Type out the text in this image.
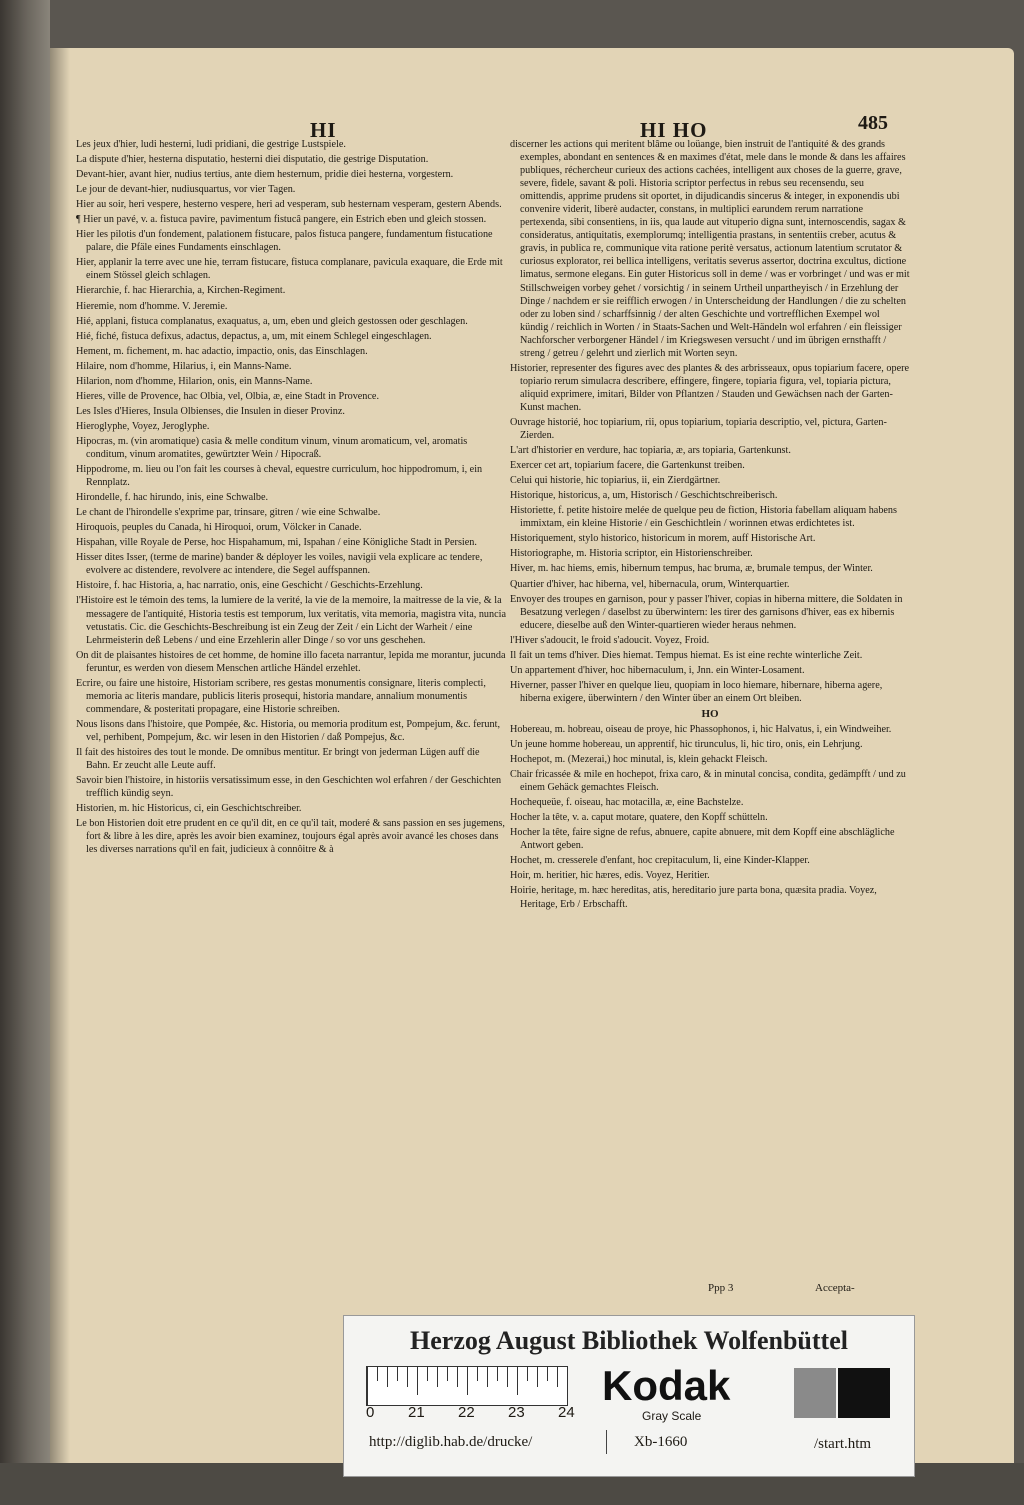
HI	HI HO	485
Les jeux d'hier, ludi hesterni, ludi pridiani, die gestrige Lustspiele.
La dispute d'hier, hesterna disputatio, hesterni diei disputatio, die gestrige Disputation.
Devant-hier, avant hier, nudius tertius, ante diem hesternum, pridie diei hesterna, vorgestern.
Le jour de devant-hier, nudiusquartus, vor vier Tagen.
Hier au soir, heri vespere, hesterno vespere, heri ad vesperam, sub hesternam vesperam, gestern Abends.
¶ Hier un pavé, v. a. fistuca pavire, pavimentum fistucâ pangere, ein Estrich eben und gleich stossen.
Hier les pilotis d'un fondement, palationem fistucare, palos fistuca pangere, fundamentum fistucatione palare, die Pfäle eines Fundaments einschlagen.
Hier, applanir la terre avec une hie, terram fistucare, fistuca complanare, pavicula exaquare, die Erde mit einem Stössel gleich schlagen.
Hierarchie, f. hac Hierarchia, a, Kirchen-Regiment.
Hieremie, nom d'homme. V. Jeremie.
Hié, applani, fistuca complanatus, exaquatus, a, um, eben und gleich gestossen oder geschlagen.
Hié, fiché, fistuca defixus, adactus, depactus, a, um, mit einem Schlegel eingeschlagen.
Hement, m. fichement, m. hac adactio, impactio, onis, das Einschlagen.
Hilaire, nom d'homme, Hilarius, i, ein Manns-Name.
Hilarion, nom d'homme, Hilarion, onis, ein Manns-Name.
Hieres, ville de Provence, hac Olbia, vel, Olbia, æ, eine Stadt in Provence.
Les Isles d'Hieres, Insula Olbienses, die Insulen in dieser Provinz.
Hieroglyphe, Voyez, Jeroglyphe.
Hipocras, m. (vin aromatique) casia & melle conditum vinum, vinum aromaticum, vel, aromatis conditum, vinum aromatites, gewürtzter Wein / Hipocraß.
Hippodrome, m. lieu ou l'on fait les courses à cheval, equestre curriculum, hoc hippodromum, i, ein Rennplatz.
Hirondelle, f. hac hirundo, inis, eine Schwalbe.
Le chant de l'hirondelle s'exprime par, trinsare, gitren / wie eine Schwalbe.
Hiroquois, peuples du Canada, hi Hiroquoi, orum, Völcker in Canade.
Hispahan, ville Royale de Perse, hoc Hispahamum, mi, Ispahan / eine Königliche Stadt in Persien.
Hisser dites Isser, (terme de marine) bander & déployer les voiles, navigii vela explicare ac tendere, evolvere ac distendere, revolvere ac intendere, die Segel auffspannen.
Histoire, f. hac Historia, a, hac narratio, onis, eine Geschicht / Geschichts-Erzehlung.
l'Histoire est le témoin des tems, la lumiere de la verité, la vie de la memoire, la maitresse de la vie, & la messagere de l'antiquité, Historia testis est temporum, lux veritatis, vita memoria, magistra vita, nuncia vetustatis. Cic. die Geschichts-Beschreibung ist ein Zeug der Zeit / ein Licht der Warheit / eine Lehrmeisterin deß Lebens / und eine Erzehlerin aller Dinge / so vor uns geschehen.
On dit de plaisantes histoires de cet homme, de homine illo faceta narrantur, lepida me morantur, jucunda feruntur, es werden von diesem Menschen artliche Händel erzehlet.
Ecrire, ou faire une histoire, Historiam scribere, res gestas monumentis consignare, literis complecti, memoria ac literis mandare, publicis literis prosequi, historia mandare, annalium monumentis commendare, & posteritati propagare, eine Historie schreiben.
Nous lisons dans l'histoire, que Pompée, &c. Historia, ou memoria proditum est, Pompejum, &c. ferunt, vel, perhibent, Pompejum, &c. wir lesen in den Historien / daß Pompejus, &c.
Il fait des histoires des tout le monde. De omnibus mentitur. Er bringt von jederman Lügen auff die Bahn. Er zeucht alle Leute auff.
Savoir bien l'histoire, in historiis versatissimum esse, in den Geschichten wol erfahren / der Geschichten trefflich kündig seyn.
Historien, m. hic Historicus, ci, ein Geschichtschreiber.
Le bon Historien doit etre prudent en ce qu'il dit, en ce qu'il tait, moderé & sans passion en ses jugemens, fort & libre à les dire, après les avoir bien examinez, toujours égal après avoir avancé les choses dans les diverses narrations qu'il en fait, judicieux à connôitre & à
discerner les actions qui meritent blâme ou loüange, bien instruit de l'antiquité & des grands exemples, abondant en sentences & en maximes d'état, mele dans le monde & dans les affaires publiques, réchercheur curieux des actions cachées, intelligent aux choses de la guerre, grave, severe, fidele, savant & poli. Historia scriptor perfectus in rebus seu recensendu, seu omittendis, apprime prudens sit oportet, in dijudicandis sincerus & integer, in exponendis ubi convenire viderit, liberè audacter, constans, in multiplici earundem rerum narratione pertexenda, sibi consentiens, in iis, qua laude aut vituperio digna sunt, internoscendis, sagax & consideratus, antiquitatis, exemplorumq; intelligentia prastans, in sententiis creber, acutus & gravis, in publica re, communique vita ratione peritè versatus, actionum latentium scrutator & curiosus explorator, rei bellica intelligens, veritatis severus assertor, doctrina excultus, dictione limatus, sermone elegans. Ein guter Historicus soll in deme / was er vorbringet / und was er mit Stillschweigen vorbey gehet / vorsichtig / in seinem Urtheil unpartheyisch / in Erzehlung der Dinge / nachdem er sie reifflich erwogen / in Unterscheidung der Handlungen / die zu schelten oder zu loben sind / scharffsinnig / der alten Geschichte und vortrefflichen Exempel wol kündig / reichlich in Worten / in Staats-Sachen und Welt-Händeln wol erfahren / ein fleissiger Nachforscher verborgener Händel / im Kriegswesen versucht / und im übrigen ernsthafft / streng / getreu / gelehrt und zierlich mit Worten seyn.
Historier, representer des figures avec des plantes & des arbrisseaux, opus topiarium facere, opere topiario rerum simulacra describere, effingere, fingere, topiaria figura, vel, topiaria pictura, aliquid exprimere, imitari, Bilder von Pflantzen / Stauden und Gewächsen nach der Garten-Kunst machen.
Ouvrage historié, hoc topiarium, rii, opus topiarium, topiaria descriptio, vel, pictura, Garten-Zierden.
L'art d'historier en verdure, hac topiaria, æ, ars topiaria, Gartenkunst.
Exercer cet art, topiarium facere, die Gartenkunst treiben.
Celui qui historie, hic topiarius, ii, ein Zierdgärtner.
Historique, historicus, a, um, Historisch / Geschichtschreiberisch.
Historiette, f. petite histoire melée de quelque peu de fiction, Historia fabellam aliquam habens immixtam, ein kleine Historie / ein Geschichtlein / worinnen etwas erdichtetes ist.
Historiquement, stylo historico, historicum in morem, auff Historische Art.
Historiographe, m. Historia scriptor, ein Historienschreiber.
Hiver, m. hac hiems, emis, hibernum tempus, hac bruma, æ, brumale tempus, der Winter.
Quartier d'hiver, hac hiberna, vel, hibernacula, orum, Winterquartier.
Envoyer des troupes en garnison, pour y passer l'hiver, copias in hiberna mittere, die Soldaten in Besatzung verlegen / daselbst zu überwintern: les tirer des garnisons d'hiver, eas ex hibernis educere, dieselbe auß den Winter-quartieren wieder heraus nehmen.
l'Hiver s'adoucit, le froid s'adoucit. Voyez, Froid.
Il fait un tems d'hiver. Dies hiemat. Tempus hiemat. Es ist eine rechte winterliche Zeit.
Un appartement d'hiver, hoc hibernaculum, i, Jnn. ein Winter-Losament.
Hiverner, passer l'hiver en quelque lieu, quopiam in loco hiemare, hibernare, hiberna agere, hiberna exigere, überwintern / den Winter über an einem Ort bleiben.
HO
Hobereau, m. hobreau, oiseau de proye, hic Phassophonos, i, hic Halvatus, i, ein Windweiher.
Un jeune homme hobereau, un apprentif, hic tirunculus, li, hic tiro, onis, ein Lehrjung.
Hochepot, m. (Mezerai,) hoc minutal, is, klein gehackt Fleisch.
Chair fricassée & mile en hochepot, frixa caro, & in minutal concisa, condita, gedämpfft / und zu einem Gehäck gemachtes Fleisch.
Hochequeüe, f. oiseau, hac motacilla, æ, eine Bachstelze.
Hocher la tête, v. a. caput motare, quatere, den Kopff schütteln.
Hocher la tête, faire signe de refus, abnuere, capite abnuere, mit dem Kopff eine abschlägliche Antwort geben.
Hochet, m. cresserele d'enfant, hoc crepitaculum, li, eine Kinder-Klapper.
Hoir, m. heritier, hic hæres, edis. Voyez, Heritier.
Hoirie, heritage, m. hæc hereditas, atis, hereditario jure parta bona, quæsita pradia. Voyez, Heritage, Erb / Erbschafft.
Ppp 3	Accepta-
Herzog August Bibliothek Wolfenbüttel
0 21 22 23 24
Kodak
Gray Scale
http://diglib.hab.de/drucke/	Xb-1660	/start.htm
